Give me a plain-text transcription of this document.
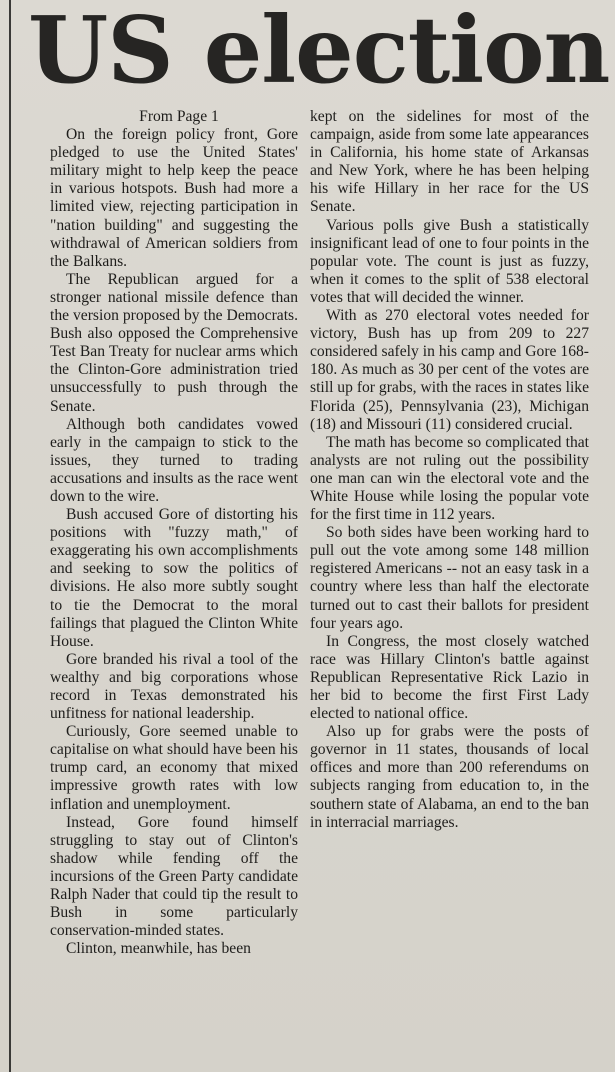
US election

From Page 1

On the foreign policy front, Gore pledged to use the United States' military might to help keep the peace in various hotspots. Bush had more a limited view, rejecting participation in "nation building" and suggesting the withdrawal of American soldiers from the Balkans.

The Republican argued for a stronger national missile defence than the version proposed by the Democrats. Bush also opposed the Comprehensive Test Ban Treaty for nuclear arms which the Clinton-Gore administration tried unsuccessfully to push through the Senate.

Although both candidates vowed early in the campaign to stick to the issues, they turned to trading accusations and insults as the race went down to the wire.

Bush accused Gore of distorting his positions with "fuzzy math," of exaggerating his own accomplishments and seeking to sow the politics of divisions. He also more subtly sought to tie the Democrat to the moral failings that plagued the Clinton White House.

Gore branded his rival a tool of the wealthy and big corporations whose record in Texas demonstrated his unfitness for national leadership.

Curiously, Gore seemed unable to capitalise on what should have been his trump card, an economy that mixed impressive growth rates with low inflation and unemployment.

Instead, Gore found himself struggling to stay out of Clinton's shadow while fending off the incursions of the Green Party candidate Ralph Nader that could tip the result to Bush in some particularly conservation-minded states.

Clinton, meanwhile, has been

kept on the sidelines for most of the campaign, aside from some late appearances in California, his home state of Arkansas and New York, where he has been helping his wife Hillary in her race for the US Senate.

Various polls give Bush a statistically insignificant lead of one to four points in the popular vote. The count is just as fuzzy, when it comes to the split of 538 electoral votes that will decided the winner.

With as 270 electoral votes needed for victory, Bush has up from 209 to 227 considered safely in his camp and Gore 168-180. As much as 30 per cent of the votes are still up for grabs, with the races in states like Florida (25), Pennsylvania (23), Michigan (18) and Missouri (11) considered crucial.

The math has become so complicated that analysts are not ruling out the possibility one man can win the electoral vote and the White House while losing the popular vote for the first time in 112 years.

So both sides have been working hard to pull out the vote among some 148 million registered Americans -- not an easy task in a country where less than half the electorate turned out to cast their ballots for president four years ago.

In Congress, the most closely watched race was Hillary Clinton's battle against Republican Representative Rick Lazio in her bid to become the first First Lady elected to national office.

Also up for grabs were the posts of governor in 11 states, thousands of local offices and more than 200 referendums on subjects ranging from education to, in the southern state of Alabama, an end to the ban in interracial marriages.
